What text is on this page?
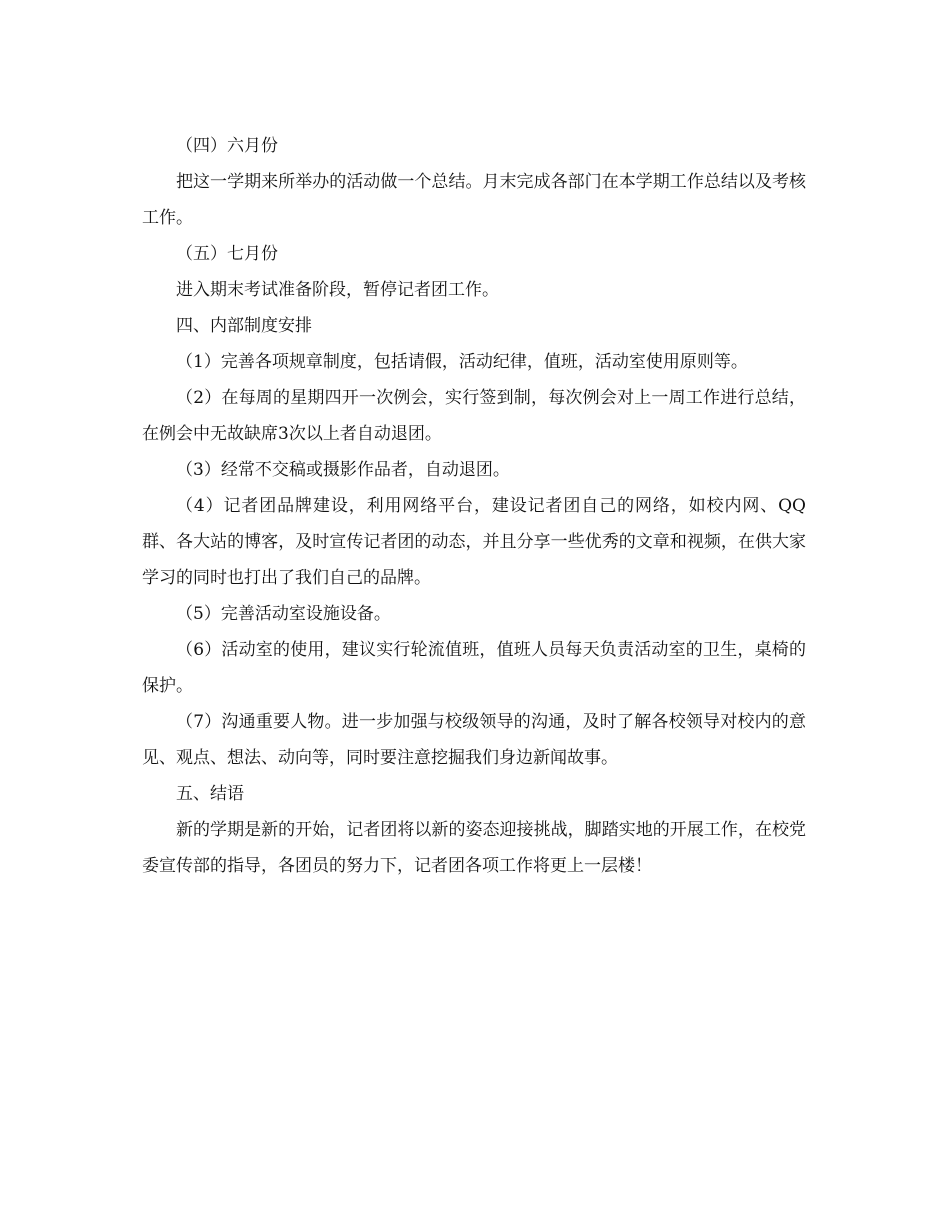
（四）六月份

把这一学期来所举办的活动做一个总结。月末完成各部门在本学期工作总结以及考核工作。

（五）七月份

进入期末考试准备阶段，暂停记者团工作。

四、内部制度安排

（1）完善各项规章制度，包括请假，活动纪律，值班，活动室使用原则等。

（2）在每周的星期四开一次例会，实行签到制，每次例会对上一周工作进行总结，在例会中无故缺席3次以上者自动退团。

（3）经常不交稿或摄影作品者，自动退团。

（4）记者团品牌建设，利用网络平台，建设记者团自己的网络，如校内网、QQ群、各大站的博客，及时宣传记者团的动态，并且分享一些优秀的文章和视频，在供大家学习的同时也打出了我们自己的品牌。

（5）完善活动室设施设备。

（6）活动室的使用，建议实行轮流值班，值班人员每天负责活动室的卫生，桌椅的保护。

（7）沟通重要人物。进一步加强与校级领导的沟通，及时了解各校领导对校内的意见、观点、想法、动向等，同时要注意挖掘我们身边新闻故事。

五、结语

新的学期是新的开始，记者团将以新的姿态迎接挑战，脚踏实地的开展工作，在校党委宣传部的指导，各团员的努力下，记者团各项工作将更上一层楼！
